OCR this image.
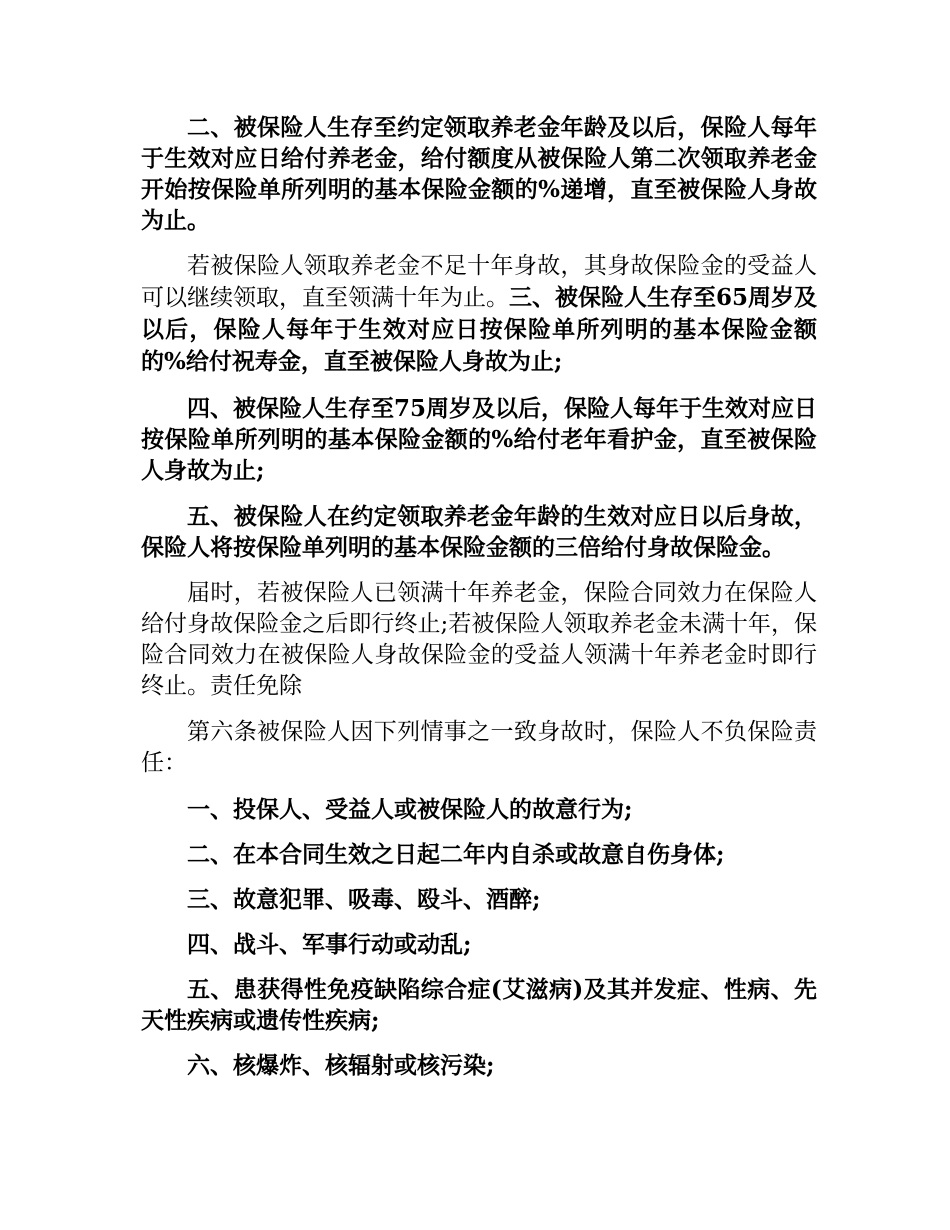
二、被保险人生存至约定领取养老金年龄及以后，保险人每年于生效对应日给付养老金，给付额度从被保险人第二次领取养老金开始按保险单所列明的基本保险金额的%递增，直至被保险人身故为止。

若被保险人领取养老金不足十年身故，其身故保险金的受益人可以继续领取，直至领满十年为止。三、被保险人生存至65周岁及以后，保险人每年于生效对应日按保险单所列明的基本保险金额的%给付祝寿金，直至被保险人身故为止;

四、被保险人生存至75周岁及以后，保险人每年于生效对应日按保险单所列明的基本保险金额的%给付老年看护金，直至被保险人身故为止;

五、被保险人在约定领取养老金年龄的生效对应日以后身故，保险人将按保险单列明的基本保险金额的三倍给付身故保险金。

届时，若被保险人已领满十年养老金，保险合同效力在保险人给付身故保险金之后即行终止;若被保险人领取养老金未满十年，保险合同效力在被保险人身故保险金的受益人领满十年养老金时即行终止。责任免除

第六条被保险人因下列情事之一致身故时，保险人不负保险责任：

一、投保人、受益人或被保险人的故意行为;

二、在本合同生效之日起二年内自杀或故意自伤身体;

三、故意犯罪、吸毒、殴斗、酒醉;

四、战斗、军事行动或动乱;

五、患获得性免疫缺陷综合症(艾滋病)及其并发症、性病、先天性疾病或遗传性疾病;

六、核爆炸、核辐射或核污染;
